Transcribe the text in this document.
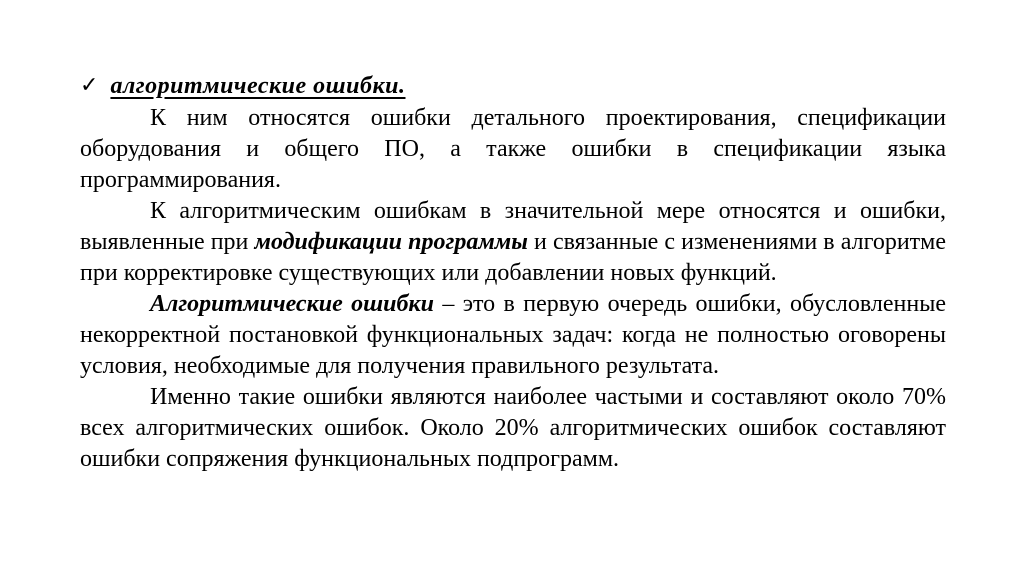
✓ алгоритмические ошибки.

К ним относятся ошибки детального проектирования, спецификации оборудования и общего ПО, а также ошибки в спецификации языка программирования.

К алгоритмическим ошибкам в значительной мере относятся и ошибки, выявленные при модификации программы и связанные с изменениями в алгоритме при корректировке существующих или добавлении новых функций.

Алгоритмические ошибки – это в первую очередь ошибки, обусловленные некорректной постановкой функциональных задач: когда не полностью оговорены условия, необходимые для получения правильного результата.

Именно такие ошибки являются наиболее частыми и составляют около 70% всех алгоритмических ошибок. Около 20% алгоритмических ошибок составляют ошибки сопряжения функциональных подпрограмм.
